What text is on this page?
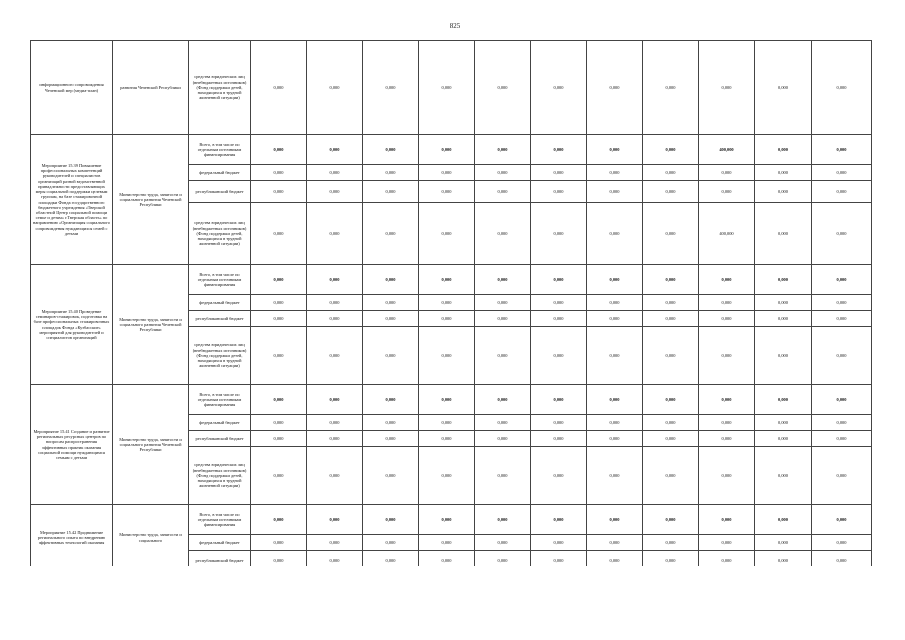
825
информационного сопровождения Чеченской мер (медиа-план)	развития Чеченской Республики	средства юридических лиц (внебюджетных источников) (Фонд поддержки детей, находящихся в трудной жизненной ситуации)	0,000	0,000	0,000	0,000	0,000	0,000	0,000	0,000	0,000	0,000	0,000
Мероприятие 15.39 Повышение профессиональных компетенций руководителей и специалистов организаций разной ведомственной принадлежности предоставляющих меры социальной поддержки целевым группам, на базе стажировочной площадки Фонда государственного бюджетного учреждения «Тверской областной Центр социальной помощи семье и детям» г.Тверская область» по направлению «Организация социального сопровождения нуждающихся семей с детьми	Министерство труда, занятости и социального развития Чеченской Республики	Всего, в том числе по отдельным источникам финансирования	0,000	0,000	0,000	0,000	0,000	0,000	0,000	0,000	400,000	0,000	0,000
		федеральный бюджет	0,000	0,000	0,000	0,000	0,000	0,000	0,000	0,000	0,000	0,000	0,000
		республиканский бюджет	0,000	0,000	0,000	0,000	0,000	0,000	0,000	0,000	0,000	0,000	0,000
		средства юридических лиц (внебюджетных источников) (Фонд поддержки детей, находящихся в трудной жизненной ситуации)	0,000	0,000	0,000	0,000	0,000	0,000	0,000	0,000	400,000	0,000	0,000
Мероприятие 15.40 Проведение семинаров-стажировок, подготовка на базе профессиональных стажировочных площадок Фонда «Кузбасские» мероприятий для руководителей и специалистов организаций	Министерство труда, занятости и социального развития Чеченской Республики	Всего, в том числе по отдельным источникам финансирования	0,000	0,000	0,000	0,000	0,000	0,000	0,000	0,000	0,000	0,000	0,000
		федеральный бюджет	0,000	0,000	0,000	0,000	0,000	0,000	0,000	0,000	0,000	0,000	0,000
		республиканский бюджет	0,000	0,000	0,000	0,000	0,000	0,000	0,000	0,000	0,000	0,000	0,000
		средства юридических лиц (внебюджетных источников) (Фонд поддержки детей, находящихся в трудной жизненной ситуации)	0,000	0,000	0,000	0,000	0,000	0,000	0,000	0,000	0,000	0,000	0,000
Мероприятие 15.41 Создание и развитие региональных ресурсных центров по вопросам распространения эффективных практик оказания социальной помощи нуждающимся семьям с детьми	Министерство труда, занятости и социального развития Чеченской Республики	Всего, в том числе по отдельным источникам финансирования	0,000	0,000	0,000	0,000	0,000	0,000	0,000	0,000	0,000	0,000	0,000
		федеральный бюджет	0,000	0,000	0,000	0,000	0,000	0,000	0,000	0,000	0,000	0,000	0,000
		республиканский бюджет	0,000	0,000	0,000	0,000	0,000	0,000	0,000	0,000	0,000	0,000	0,000
		средства юридических лиц (внебюджетных источников) (Фонд поддержки детей, находящихся в трудной жизненной ситуации)	0,000	0,000	0,000	0,000	0,000	0,000	0,000	0,000	0,000	0,000	0,000
Мероприятие 15.42 Продвижение регионального опыта по внедрению эффективных технологий оказания	Министерство труда, занятости и социального	Всего, в том числе по отдельным источникам финансирования	0,000	0,000	0,000	0,000	0,000	0,000	0,000	0,000	0,000	0,000	0,000
		федеральный бюджет	0,000	0,000	0,000	0,000	0,000	0,000	0,000	0,000	0,000	0,000	0,000
		республиканский бюджет	0,000	0,000	0,000	0,000	0,000	0,000	0,000	0,000	0,000	0,000	0,000
